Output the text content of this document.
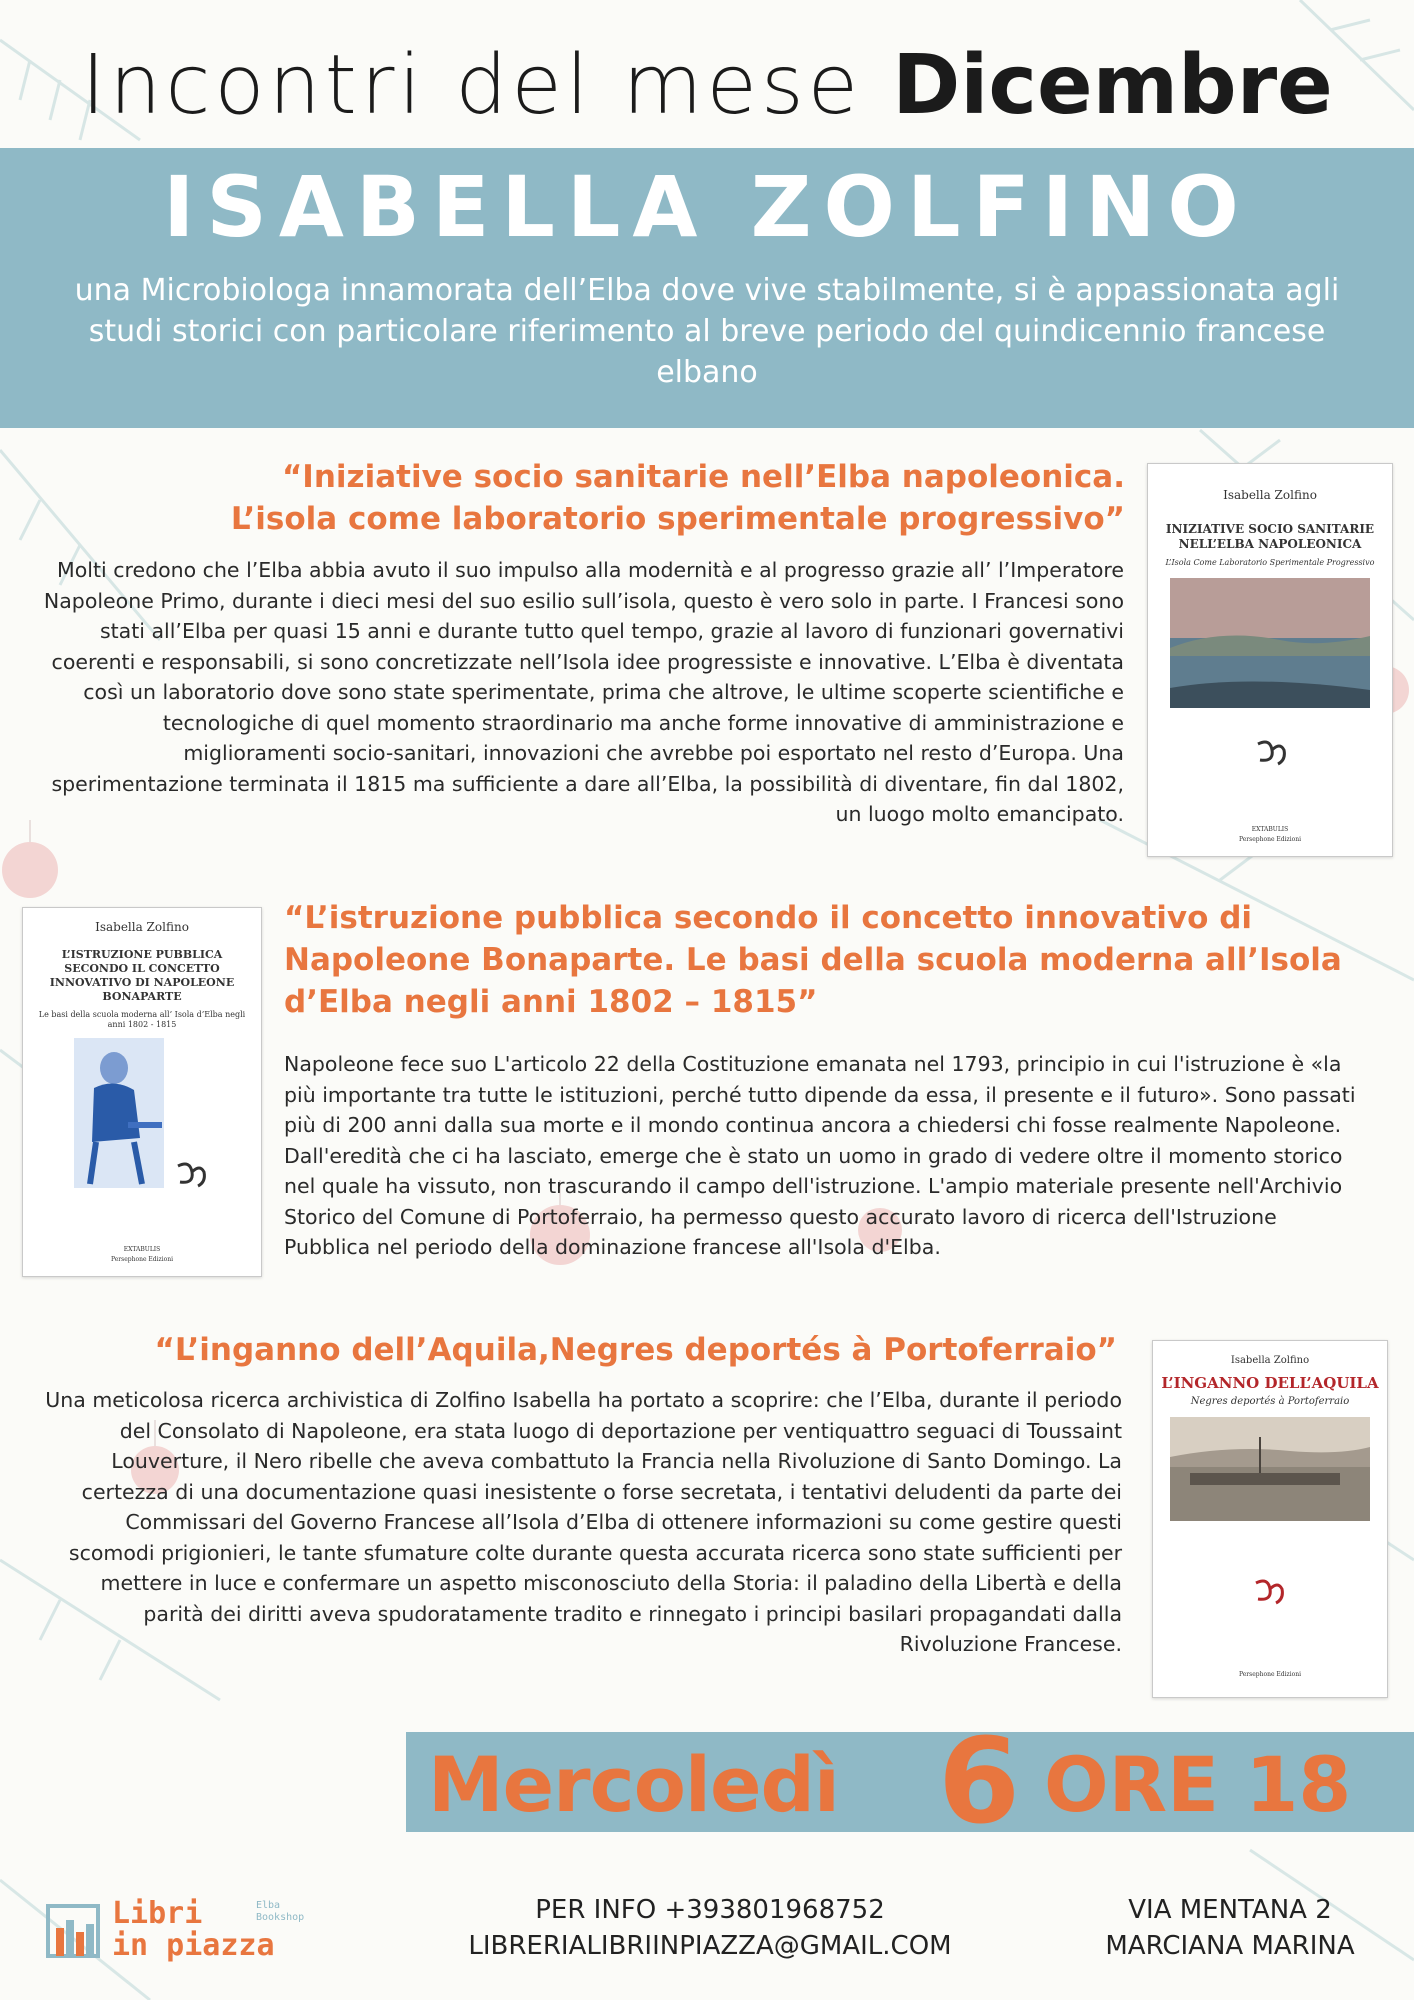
Incontri del mese Dicembre
ISABELLA ZOLFINO
una Microbiologa innamorata dell’Elba dove vive stabilmente, si è appassionata agli studi storici con particolare riferimento al breve periodo del quindicennio francese elbano
“Iniziative socio sanitarie nell’Elba napoleonica.
L’isola come laboratorio sperimentale progressivo”
Molti credono che l’Elba abbia avuto il suo impulso alla modernità e al progresso grazie all’ l’Imperatore Napoleone Primo, durante i dieci mesi del suo esilio sull’isola, questo è vero solo in parte. I Francesi sono stati all’Elba per quasi 15 anni e durante tutto quel tempo, grazie al lavoro di funzionari governativi coerenti e responsabili, si sono concretizzate nell’Isola idee progressiste e innovative. L’Elba è diventata così un laboratorio dove sono state sperimentate, prima che altrove, le ultime scoperte scientifiche e tecnologiche di quel momento straordinario ma anche forme innovative di amministrazione e miglioramenti socio-sanitari, innovazioni che avrebbe poi esportato nel resto d’Europa. Una sperimentazione terminata il 1815 ma sufficiente a dare all’Elba, la possibilità di diventare, fin dal 1802, un luogo molto emancipato.
Isabella Zolfino
INIZIATIVE SOCIO SANITARIE NELL’ELBA NAPOLEONICA
L’Isola Come Laboratorio Sperimentale Progressivo

EXTABULIS
Persephone Edizioni
Isabella Zolfino
L’ISTRUZIONE PUBBLICA SECONDO IL CONCETTO INNOVATIVO DI NAPOLEONE BONAPARTE
Le basi della scuola moderna all’ Isola d’Elba negli anni 1802 - 1815

EXTABULIS
Persephone Edizioni
“L’istruzione pubblica secondo il concetto innovativo di Napoleone Bonaparte. Le basi della scuola moderna all’Isola d’Elba negli anni 1802 – 1815”
Napoleone fece suo L'articolo 22 della Costituzione emanata nel 1793, principio in cui l'istruzione è «la più importante tra tutte le istituzioni, perché tutto dipende da essa, il presente e il futuro». Sono passati più di 200 anni dalla sua morte e il mondo continua ancora a chiedersi chi fosse realmente Napoleone. Dall'eredità che ci ha lasciato, emerge che è stato un uomo in grado di vedere oltre il momento storico nel quale ha vissuto, non trascurando il campo dell'istruzione. L'ampio materiale presente nell'Archivio Storico del Comune di Portoferraio, ha permesso questo accurato lavoro di ricerca dell'Istruzione Pubblica nel periodo della dominazione francese all'Isola d'Elba.
“L’inganno dell’Aquila,Negres deportés à Portoferraio”
Una meticolosa ricerca archivistica di Zolfino Isabella ha portato a scoprire: che l’Elba, durante il periodo del Consolato di Napoleone, era stata luogo di deportazione per ventiquattro seguaci di Toussaint Louverture, il Nero ribelle che aveva combattuto la Francia nella Rivoluzione di Santo Domingo. La certezza di una documentazione quasi inesistente o forse secretata, i tentativi deludenti da parte dei Commissari del Governo Francese all’Isola d’Elba di ottenere informazioni su come gestire questi scomodi prigionieri, le tante sfumature colte durante questa accurata ricerca sono state sufficienti per mettere in luce e confermare un aspetto misconosciuto della Storia: il paladino della Libertà e della parità dei diritti aveva spudoratamente tradito e rinnegato i principi basilari propagandati dalla Rivoluzione Francese.
Isabella Zolfino
L’INGANNO DELL’AQUILA
Negres deportés à Portoferraio

Persephone Edizioni
Mercoledì 6 ORE 18
Libri
in piazza
Elba
Bookshop	PER INFO +393801968752
LIBRERIALIBRIINPIAZZA@GMAIL.COM
VIA MENTANA 2
MARCIANA MARINA
